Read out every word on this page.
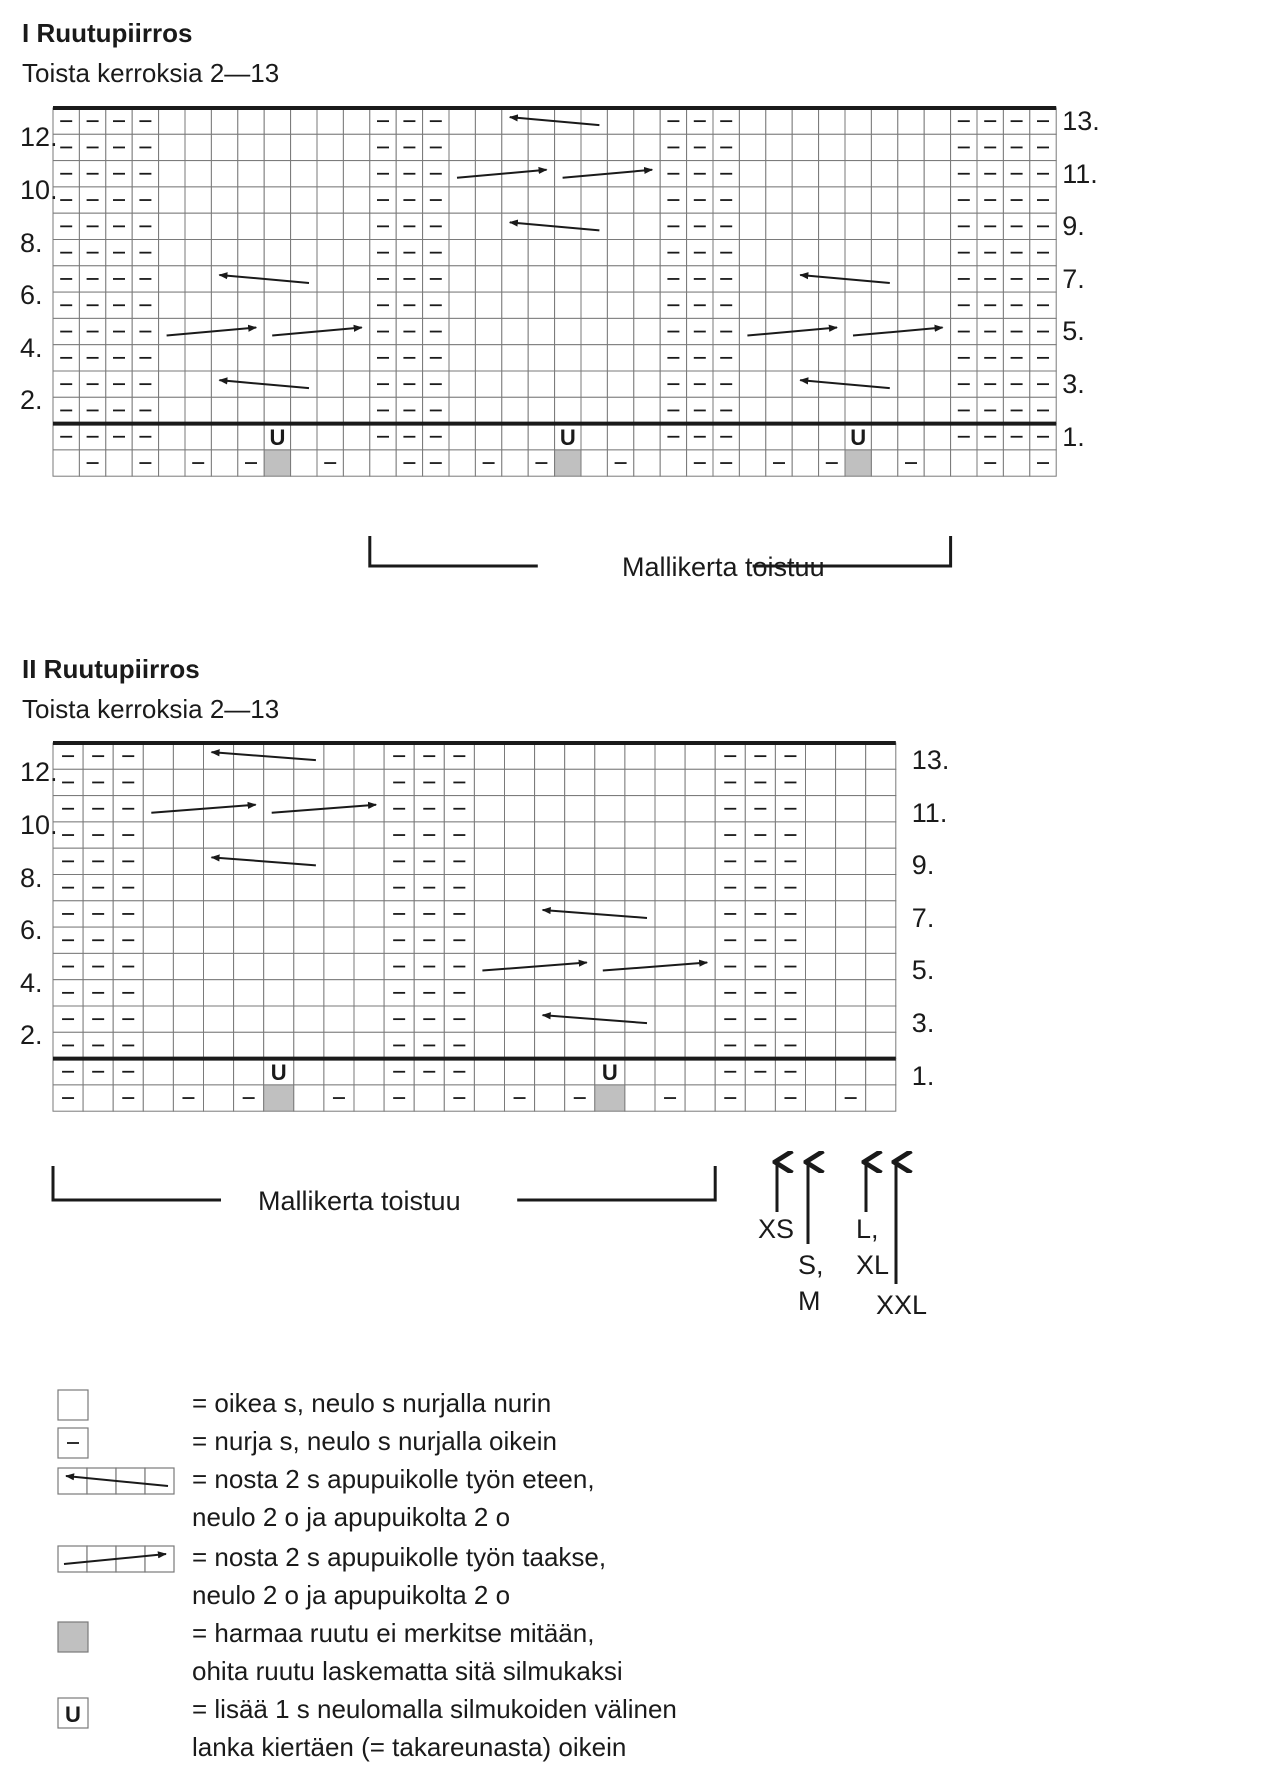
I Ruutupiirros
Toista kerroksia 2—13
II Ruutupiirros
Toista kerroksia 2—13
U	U	U
U	U
U
12.
10.
8.
6.
4.
2.
13.
11.
9.
7.
5.
3.
1.
Mallikerta toistuu
12.
10.
8.
6.
4.
2.
13.
11.
9.
7.
5.
3.
1.
Mallikerta toistuu
XS
S,
M
L,
XL
XXL
= oikea s, neulo s nurjalla nurin
= nurja s, neulo s nurjalla oikein
= nosta 2 s apupuikolle työn eteen,
neulo 2 o ja apupuikolta 2 o
= nosta 2 s apupuikolle työn taakse,
neulo 2 o ja apupuikolta 2 o
= harmaa ruutu ei merkitse mitään,
ohita ruutu laskematta sitä silmukaksi
= lisää 1 s neulomalla silmukoiden välinen
lanka kiertäen (= takareunasta) oikein
